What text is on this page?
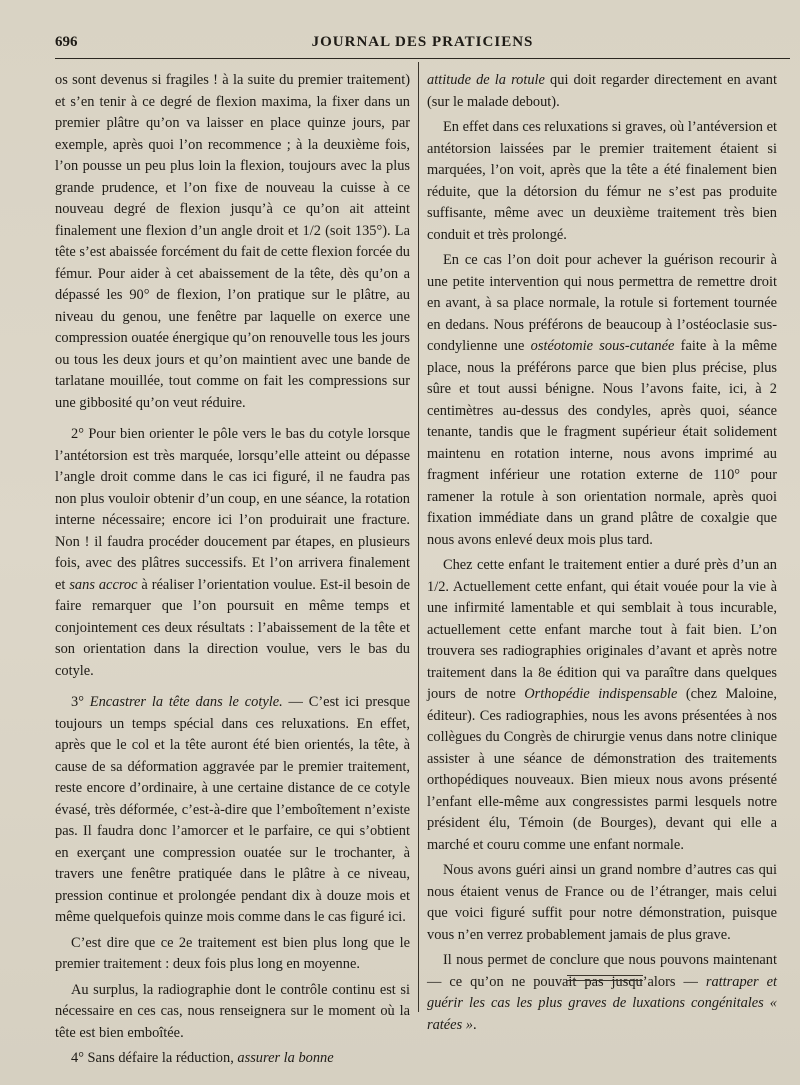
696	JOURNAL DES PRATICIENS

os sont devenus si fragiles ! à la suite du premier traitement) et s’en tenir à ce degré de flexion maxima, la fixer dans un premier plâtre qu’on va laisser en place quinze jours, par exemple, après quoi l’on recommence ; à la deuxième fois, l’on pousse un peu plus loin la flexion, toujours avec la plus grande prudence, et l’on fixe de nouveau la cuisse à ce nouveau degré de flexion jusqu’à ce qu’on ait atteint finalement une flexion d’un angle droit et 1/2 (soit 135°). La tête s’est abaissée forcément du fait de cette flexion forcée du fémur. Pour aider à cet abaissement de la tête, dès qu’on a dépassé les 90° de flexion, l’on pratique sur le plâtre, au niveau du genou, une fenêtre par laquelle on exerce une compression ouatée énergique qu’on renouvelle tous les jours ou tous les deux jours et qu’on maintient avec une bande de tarlatane mouillée, tout comme on fait les compressions sur une gibbosité qu’on veut réduire.

2° Pour bien orienter le pôle vers le bas du cotyle lorsque l’antétorsion est très marquée, lorsqu’elle atteint ou dépasse l’angle droit comme dans le cas ici figuré, il ne faudra pas non plus vouloir obtenir d’un coup, en une séance, la rotation interne nécessaire; encore ici l’on produirait une fracture. Non ! il faudra procéder doucement par étapes, en plusieurs fois, avec des plâtres successifs. Et l’on arrivera finalement et sans accroc à réaliser l’orientation voulue. Est-il besoin de faire remarquer que l’on poursuit en même temps et conjointement ces deux résultats : l’abaissement de la tête et son orientation dans la direction voulue, vers le bas du cotyle.

3° Encastrer la tête dans le cotyle. — C’est ici presque toujours un temps spécial dans ces reluxations. En effet, après que le col et la tête auront été bien orientés, la tête, à cause de sa déformation aggravée par le premier traitement, reste encore d’ordinaire, à une certaine distance de ce cotyle évasé, très déformée, c’est-à-dire que l’emboîtement n’existe pas. Il faudra donc l’amorcer et le parfaire, ce qui s’obtient en exerçant une compression ouatée sur le trochanter, à travers une fenêtre pratiquée dans le plâtre à ce niveau, pression continue et prolongée pendant dix à douze mois et même quelquefois quinze mois comme dans le cas figuré ici.

C’est dire que ce 2e traitement est bien plus long que le premier traitement : deux fois plus long en moyenne.

Au surplus, la radiographie dont le contrôle continu est si nécessaire en ces cas, nous renseignera sur le moment où la tête est bien emboîtée.

4° Sans défaire la réduction, assurer la bonne

attitude de la rotule qui doit regarder directement en avant (sur le malade debout).

En effet dans ces reluxations si graves, où l’antéversion et antétorsion laissées par le premier traitement étaient si marquées, l’on voit, après que la tête a été finalement bien réduite, que la détorsion du fémur ne s’est pas produite suffisante, même avec un deuxième traitement très bien conduit et très prolongé.

En ce cas l’on doit pour achever la guérison recourir à une petite intervention qui nous permettra de remettre droit en avant, à sa place normale, la rotule si fortement tournée en dedans. Nous préférons de beaucoup à l’ostéoclasie sus-condylienne une ostéotomie sous-cutanée faite à la même place, nous la préférons parce que bien plus précise, plus sûre et tout aussi bénigne. Nous l’avons faite, ici, à 2 centimètres au-dessus des condyles, après quoi, séance tenante, tandis que le fragment supérieur était solidement maintenu en rotation interne, nous avons imprimé au fragment inférieur une rotation externe de 110° pour ramener la rotule à son orientation normale, après quoi fixation immédiate dans un grand plâtre de coxalgie que nous avons enlevé deux mois plus tard.

Chez cette enfant le traitement entier a duré près d’un an 1/2. Actuellement cette enfant, qui était vouée pour la vie à une infirmité lamentable et qui semblait à tous incurable, actuellement cette enfant marche tout à fait bien. L’on trouvera ses radiographies originales d’avant et après notre traitement dans la 8e édition qui va paraître dans quelques jours de notre Orthopédie indispensable (chez Maloine, éditeur). Ces radiographies, nous les avons présentées à nos collègues du Congrès de chirurgie venus dans notre clinique assister à une séance de démonstration des traitements orthopédiques nouveaux. Bien mieux nous avons présenté l’enfant elle-même aux congressistes parmi lesquels notre président élu, Témoin (de Bourges), devant qui elle a marché et couru comme une enfant normale.

Nous avons guéri ainsi un grand nombre d’autres cas qui nous étaient venus de France ou de l’étranger, mais celui que voici figuré suffit pour notre démonstration, puisque vous n’en verrez probablement jamais de plus grave.

Il nous permet de conclure que nous pouvons maintenant — ce qu’on ne pouvait pas jusqu’alors — rattraper et guérir les cas les plus graves de luxations congénitales « ratées ».
